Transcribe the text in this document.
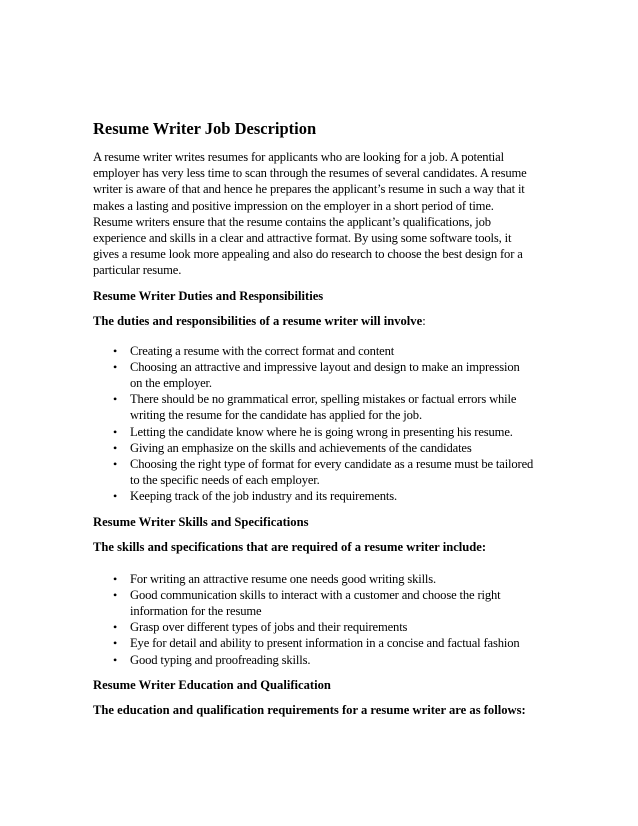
Resume Writer Job Description

A resume writer writes resumes for applicants who are looking for a job. A potential
employer has very less time to scan through the resumes of several candidates. A resume
writer is aware of that and hence he prepares the applicant’s resume in such a way that it
makes a lasting and positive impression on the employer in a short period of time.
Resume writers ensure that the resume contains the applicant’s qualifications, job
experience and skills in a clear and attractive format. By using some software tools, it
gives a resume look more appealing and also do research to choose the best design for a
particular resume.

Resume Writer Duties and Responsibilities

The duties and responsibilities of a resume writer will involve:

• Creating a resume with the correct format and content
• Choosing an attractive and impressive layout and design to make an impression
on the employer.
• There should be no grammatical error, spelling mistakes or factual errors while
writing the resume for the candidate has applied for the job.
• Letting the candidate know where he is going wrong in presenting his resume.
• Giving an emphasize on the skills and achievements of the candidates
• Choosing the right type of format for every candidate as a resume must be tailored
to the specific needs of each employer.
• Keeping track of the job industry and its requirements.
Resume Writer Skills and Specifications

The skills and specifications that are required of a resume writer include:

• For writing an attractive resume one needs good writing skills.
• Good communication skills to interact with a customer and choose the right
information for the resume
• Grasp over different types of jobs and their requirements
• Eye for detail and ability to present information in a concise and factual fashion
• Good typing and proofreading skills.
Resume Writer Education and Qualification

The education and qualification requirements for a resume writer are as follows:
